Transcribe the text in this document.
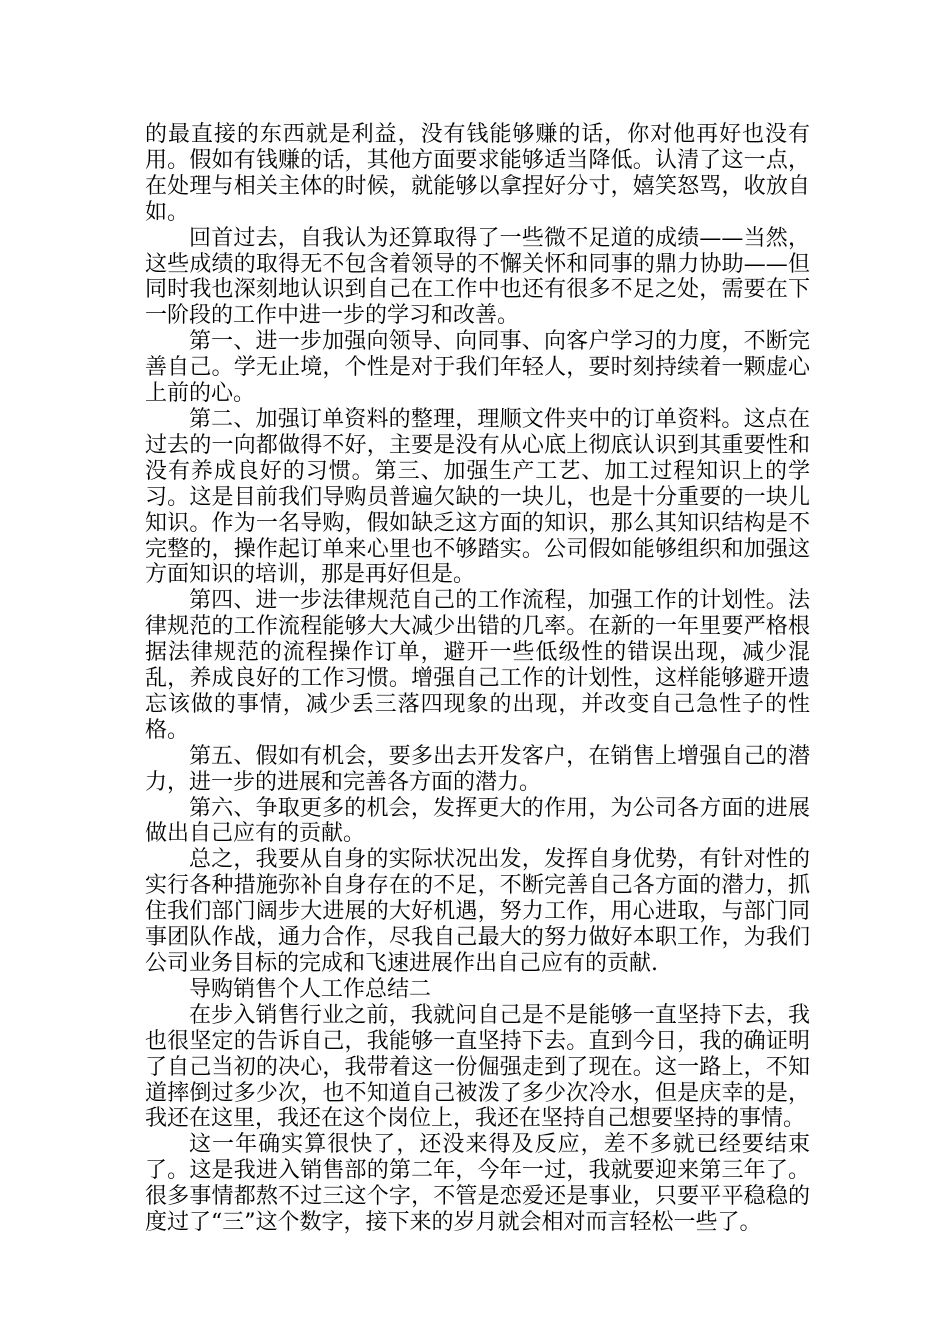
的最直接的东西就是利益，没有钱能够赚的话，你对他再好也没有用。假如有钱赚的话，其他方面要求能够适当降低。认清了这一点，在处理与相关主体的时候，就能够以拿捏好分寸，嬉笑怒骂，收放自如。

回首过去，自我认为还算取得了一些微不足道的成绩——当然，这些成绩的取得无不包含着领导的不懈关怀和同事的鼎力协助——但同时我也深刻地认识到自己在工作中也还有很多不足之处，需要在下一阶段的工作中进一步的学习和改善。

第一、进一步加强向领导、向同事、向客户学习的力度，不断完善自己。学无止境，个性是对于我们年轻人，要时刻持续着一颗虚心上前的心。

第二、加强订单资料的整理，理顺文件夹中的订单资料。这点在过去的一向都做得不好，主要是没有从心底上彻底认识到其重要性和没有养成良好的习惯。第三、加强生产工艺、加工过程知识上的学习。这是目前我们导购员普遍欠缺的一块儿，也是十分重要的一块儿知识。作为一名导购，假如缺乏这方面的知识，那么其知识结构是不完整的，操作起订单来心里也不够踏实。公司假如能够组织和加强这方面知识的培训，那是再好但是。

第四、进一步法律规范自己的工作流程，加强工作的计划性。法律规范的工作流程能够大大减少出错的几率。在新的一年里要严格根据法律规范的流程操作订单，避开一些低级性的错误出现，减少混乱，养成良好的工作习惯。增强自己工作的计划性，这样能够避开遗忘该做的事情，减少丢三落四现象的出现，并改变自己急性子的性格。

第五、假如有机会，要多出去开发客户，在销售上增强自己的潜力，进一步的进展和完善各方面的潜力。

第六、争取更多的机会，发挥更大的作用，为公司各方面的进展做出自己应有的贡献。

总之，我要从自身的实际状况出发，发挥自身优势，有针对性的实行各种措施弥补自身存在的不足，不断完善自己各方面的潜力，抓住我们部门阔步大进展的大好机遇，努力工作，用心进取，与部门同事团队作战，通力合作，尽我自己最大的努力做好本职工作，为我们公司业务目标的完成和飞速进展作出自己应有的贡献.

导购销售个人工作总结二

在步入销售行业之前，我就问自己是不是能够一直坚持下去，我也很坚定的告诉自己，我能够一直坚持下去。直到今日，我的确证明了自己当初的决心，我带着这一份倔强走到了现在。这一路上，不知道摔倒过多少次，也不知道自己被泼了多少次冷水，但是庆幸的是，我还在这里，我还在这个岗位上，我还在坚持自己想要坚持的事情。

这一年确实算很快了，还没来得及反应，差不多就已经要结束了。这是我进入销售部的第二年，今年一过，我就要迎来第三年了。很多事情都熬不过三这个字，不管是恋爱还是事业，只要平平稳稳的度过了“三”这个数字，接下来的岁月就会相对而言轻松一些了。
